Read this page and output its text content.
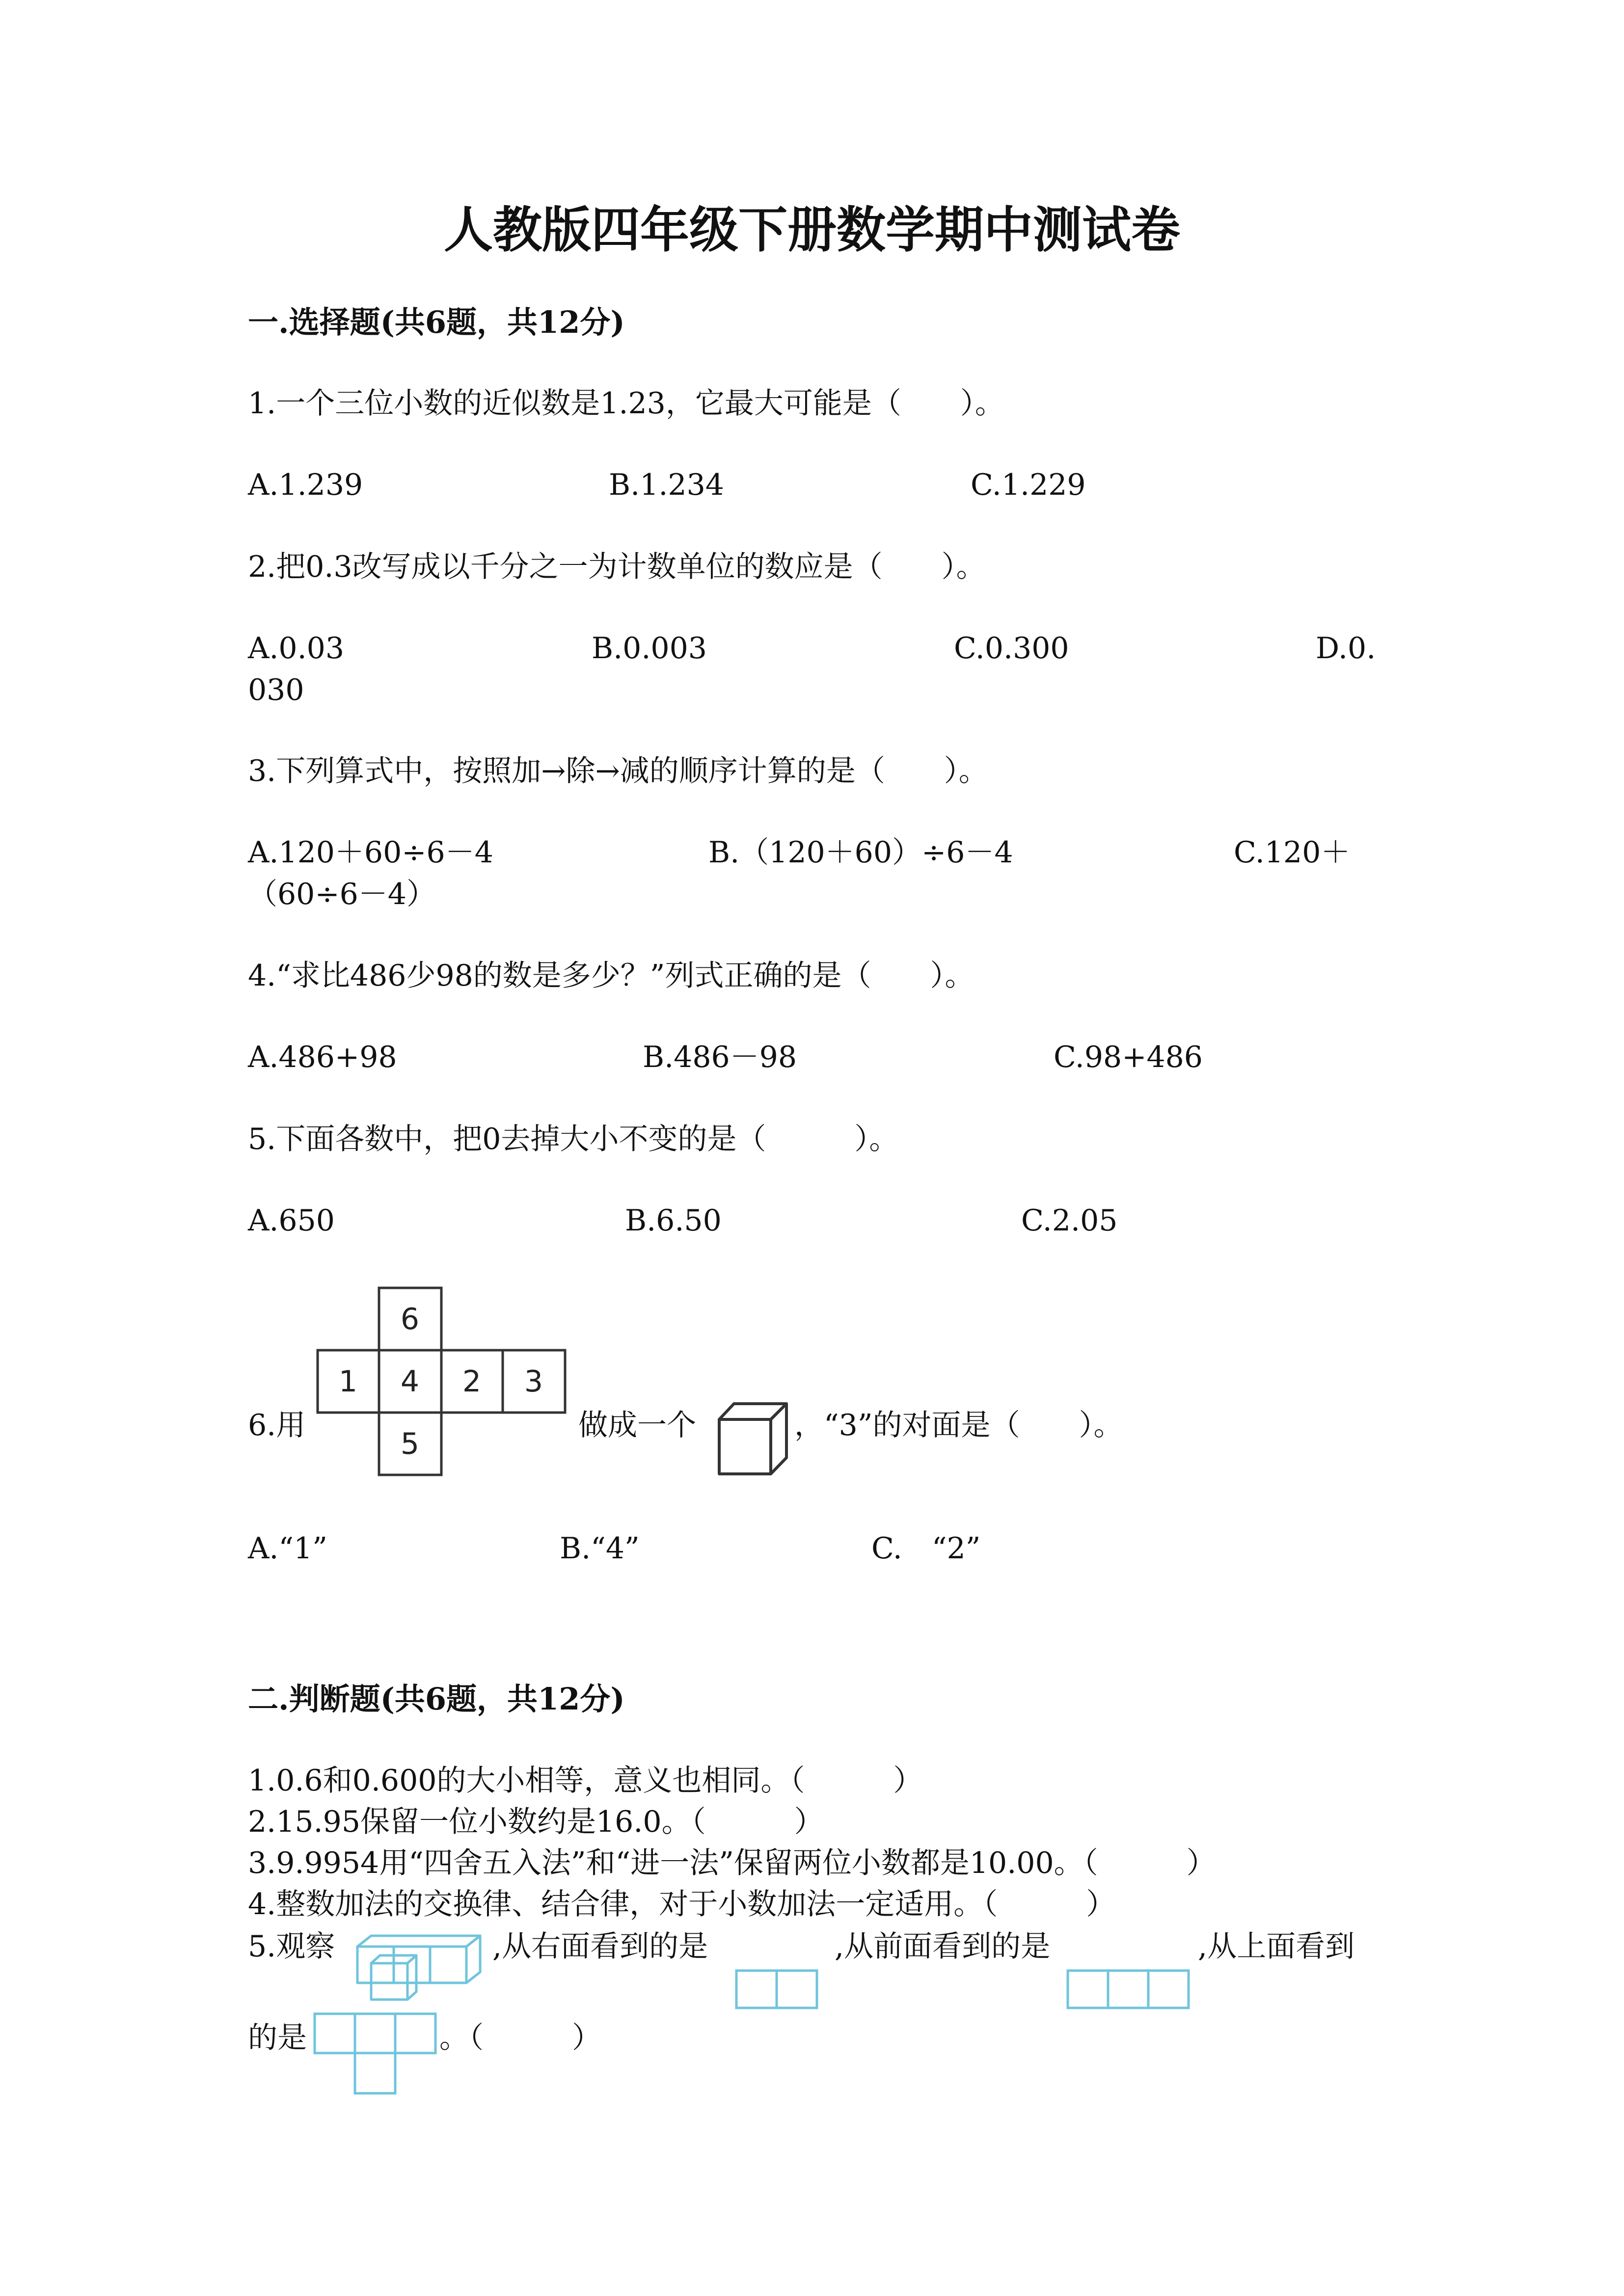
人教版四年级下册数学期中测试卷
一.选择题(共6题，共12分)
1.一个三位小数的近似数是1.23，它最大可能是（　　）。
A.1.239	B.1.234	C.1.229
2.把0.3改写成以千分之一为计数单位的数应是（　　）。
A.0.03	B.0.003	C.0.300	D.0.
030
3.下列算式中，按照加→除→减的顺序计算的是（　　）。
A.120＋60÷6－4	B.（120＋60）÷6－4	C.120＋
（60÷6－4）
4.“求比486少98的数是多少？”列式正确的是（　　）。
A.486+98	B.486－98	C.98+486
5.下面各数中，把0去掉大小不变的是（　　　）。
A.650	B.6.50	C.2.05
6.用
6
1 4 2 3
5
做成一个	，“3”的对面是（　　）。
A.“1”	B.“4”	C.　“2”
二.判断题(共6题，共12分)
1.0.6和0.600的大小相等，意义也相同。（　　　）
2.15.95保留一位小数约是16.0。（　　　）
3.9.9954用“四舍五入法”和“进一法”保留两位小数都是10.00。（　　　）
4.整数加法的交换律、结合律，对于小数加法一定适用。（　　　）
5.观察	,从右面看到的是	,从前面看到的是	,从上面看到
的是	。（　　　）
